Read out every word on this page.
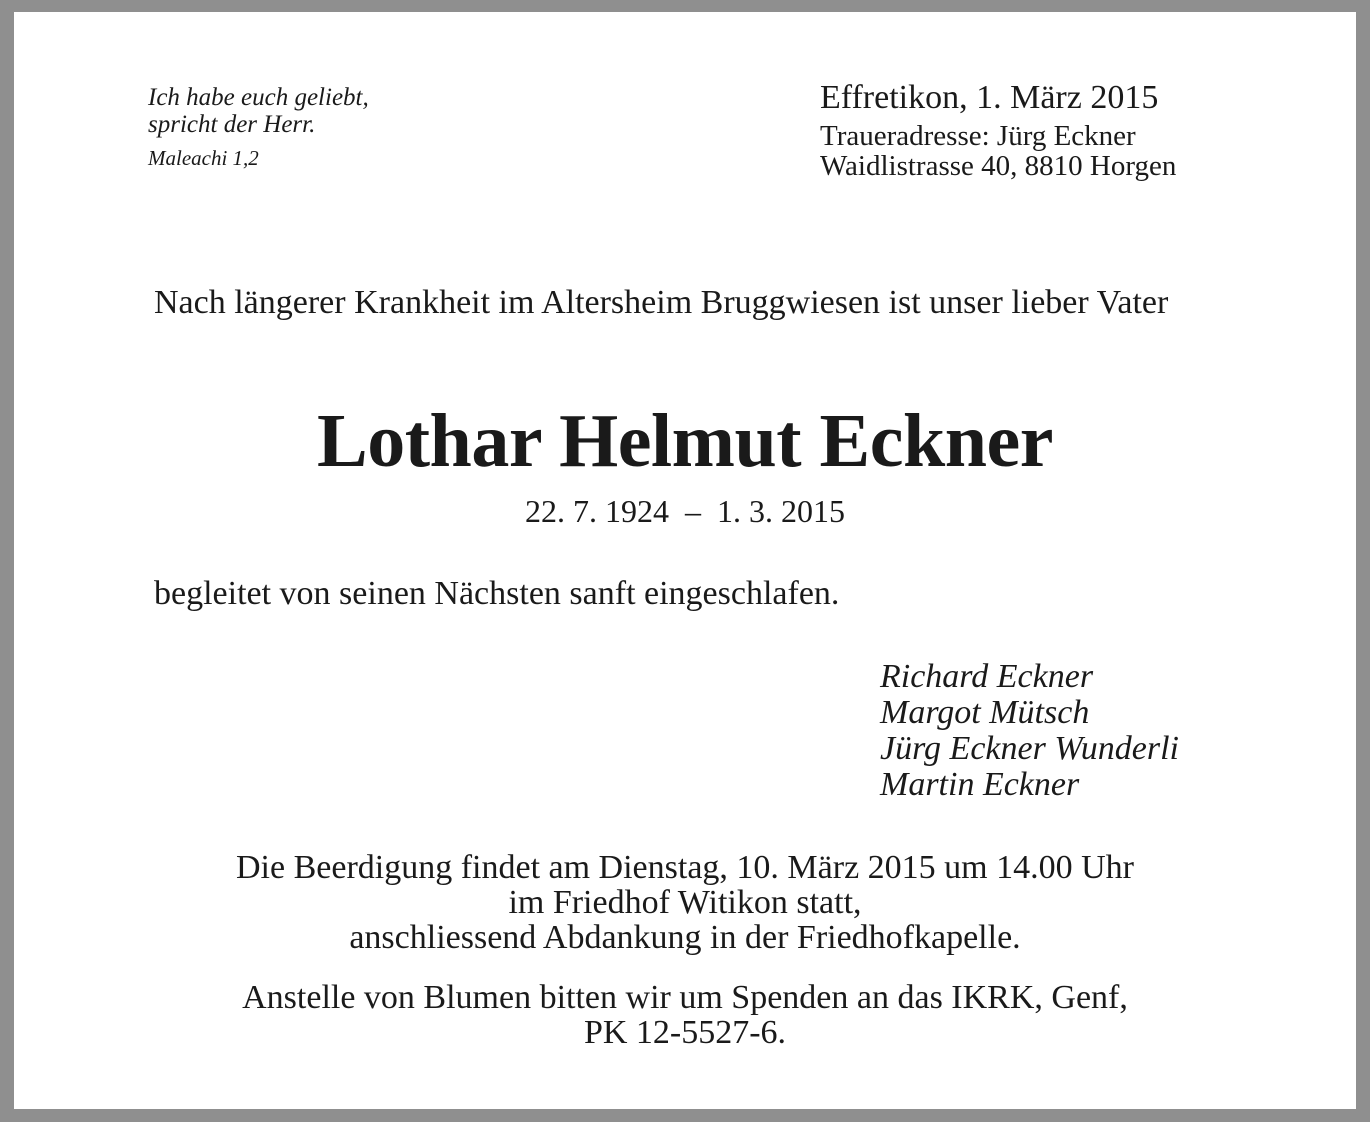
Ich habe euch geliebt,
spricht der Herr.
Maleachi 1,2
Effretikon, 1. März 2015
Traueradresse: Jürg Eckner
Waidlistrasse 40, 8810 Horgen

Nach längerer Krankheit im Altersheim Bruggwiesen ist unser lieber Vater

Lothar Helmut Eckner
22. 7. 1924  –  1. 3. 2015

begleitet von seinen Nächsten sanft eingeschlafen.

Richard Eckner
Margot Mütsch
Jürg Eckner Wunderli
Martin Eckner
Die Beerdigung findet am Dienstag, 10. März 2015 um 14.00 Uhr
im Friedhof Witikon statt,
anschliessend Abdankung in der Friedhofkapelle.
Anstelle von Blumen bitten wir um Spenden an das IKRK, Genf,
PK 12-5527-6.
